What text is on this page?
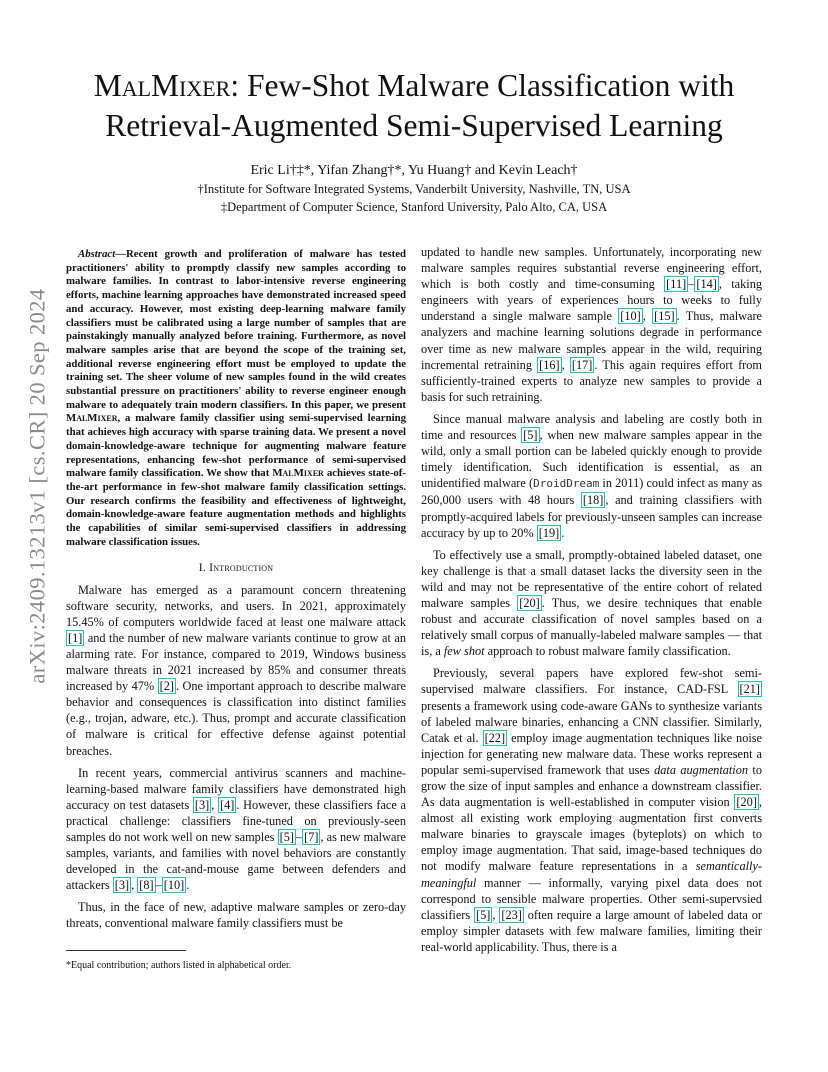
arXiv:2409.13213v1 [cs.CR] 20 Sep 2024
MalMixer: Few-Shot Malware Classification with
Retrieval-Augmented Semi-Supervised Learning
Eric Li†‡*, Yifan Zhang†*, Yu Huang† and Kevin Leach†
†Institute for Software Integrated Systems, Vanderbilt University, Nashville, TN, USA
‡Department of Computer Science, Stanford University, Palo Alto, CA, USA

Abstract—Recent growth and proliferation of malware has tested practitioners' ability to promptly classify new samples according to malware families. In contrast to labor-intensive reverse engineering efforts, machine learning approaches have demonstrated increased speed and accuracy. However, most existing deep-learning malware family classifiers must be calibrated using a large number of samples that are painstakingly manually analyzed before training. Furthermore, as novel malware samples arise that are beyond the scope of the training set, additional reverse engineering effort must be employed to update the training set. The sheer volume of new samples found in the wild creates substantial pressure on practitioners' ability to reverse engineer enough malware to adequately train modern classifiers. In this paper, we present MalMixer, a malware family classifier using semi-supervised learning that achieves high accuracy with sparse training data. We present a novel domain-knowledge-aware technique for augmenting malware feature representations, enhancing few-shot performance of semi-supervised malware family classification. We show that MalMixer achieves state-of-the-art performance in few-shot malware family classification settings. Our research confirms the feasibility and effectiveness of lightweight, domain-knowledge-aware feature augmentation methods and highlights the capabilities of similar semi-supervised classifiers in addressing malware classification issues.

I. Introduction

Malware has emerged as a paramount concern threatening software security, networks, and users. In 2021, approximately 15.45% of computers worldwide faced at least one malware attack [1] and the number of new malware variants continue to grow at an alarming rate. For instance, compared to 2019, Windows business malware threats in 2021 increased by 85% and consumer threats increased by 47% [2] . One important approach to describe malware behavior and consequences is classification into distinct families (e.g., trojan, adware, etc.). Thus, prompt and accurate classification of malware is critical for effective defense against potential breaches.

In recent years, commercial antivirus scanners and machine-learning-based malware family classifiers have demonstrated high accuracy on test datasets [3] , [4] . However, these classifiers face a practical challenge: classifiers fine-tuned on previously-seen samples do not work well on new samples [5] – [7] , as new malware samples, variants, and families with novel behaviors are constantly developed in the cat-and-mouse game between defenders and attackers [3] , [8] – [10] .

Thus, in the face of new, adaptive malware samples or zero-day threats, conventional malware family classifiers must be

*Equal contribution; authors listed in alphabetical order.

updated to handle new samples. Unfortunately, incorporating new malware samples requires substantial reverse engineering effort, which is both costly and time-consuming [11] – [14] , taking engineers with years of experiences hours to weeks to fully understand a single malware sample [10] , [15] . Thus, malware analyzers and machine learning solutions degrade in performance over time as new malware samples appear in the wild, requiring incremental retraining [16] , [17] . This again requires effort from sufficiently-trained experts to analyze new samples to provide a basis for such retraining.

Since manual malware analysis and labeling are costly both in time and resources [5] , when new malware samples appear in the wild, only a small portion can be labeled quickly enough to provide timely identification. Such identification is essential, as an unidentified malware (DroidDream in 2011) could infect as many as 260,000 users with 48 hours [18] , and training classifiers with promptly-acquired labels for previously-unseen samples can increase accuracy by up to 20% [19] .

To effectively use a small, promptly-obtained labeled dataset, one key challenge is that a small dataset lacks the diversity seen in the wild and may not be representative of the entire cohort of related malware samples [20] . Thus, we desire techniques that enable robust and accurate classification of novel samples based on a relatively small corpus of manually-labeled malware samples — that is, a few shot approach to robust malware family classification.

Previously, several papers have explored few-shot semi-supervised malware classifiers. For instance, CAD-FSL [21] presents a framework using code-aware GANs to synthesize variants of labeled malware binaries, enhancing a CNN classifier. Similarly, Catak et al. [22] employ image augmentation techniques like noise injection for generating new malware data. These works represent a popular semi-supervised framework that uses data augmentation to grow the size of input samples and enhance a downstream classifier. As data augmentation is well-established in computer vision [20] , almost all existing work employing augmentation first converts malware binaries to grayscale images (byteplots) on which to employ image augmentation. That said, image-based techniques do not modify malware feature representations in a semantically-meaningful manner — informally, varying pixel data does not correspond to sensible malware properties. Other semi-supervsied classifiers [5] , [23] often require a large amount of labeled data or employ simpler datasets with few malware families, limiting their real-world applicability. Thus, there is a
